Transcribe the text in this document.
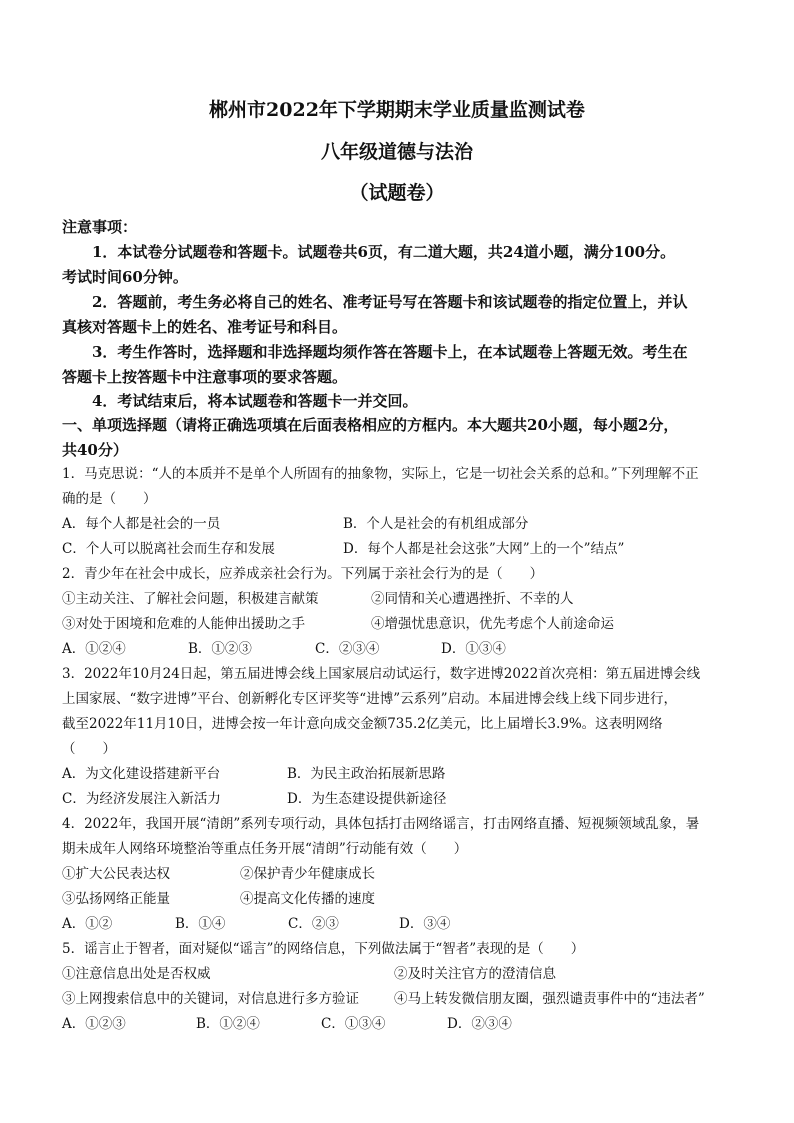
郴州市2022年下学期期末学业质量监测试卷
八年级道德与法治
（试题卷）
注意事项：
1．本试卷分试题卷和答题卡。试题卷共6页，有二道大题，共24道小题，满分100分。
考试时间60分钟。
2．答题前，考生务必将自己的姓名、准考证号写在答题卡和该试题卷的指定位置上，并认
真核对答题卡上的姓名、准考证号和科目。
3．考生作答时，选择题和非选择题均须作答在答题卡上，在本试题卷上答题无效。考生在
答题卡上按答题卡中注意事项的要求答题。
4．考试结束后，将本试题卷和答题卡一并交回。
一、单项选择题（请将正确选项填在后面表格相应的方框内。本大题共20小题，每小题2分，
共40分）
1．马克思说：“人的本质并不是单个人所固有的抽象物，实际上，它是一切社会关系的总和。”下列理解不正
确的是（　　）
A．每个人都是社会的一员	B．个人是社会的有机组成部分
C．个人可以脱离社会而生存和发展	D．每个人都是社会这张”大网”上的一个”结点”
2．青少年在社会中成长，应养成亲社会行为。下列属于亲社会行为的是（　　）
①主动关注、了解社会问题，积极建言献策	②同情和关心遭遇挫折、不幸的人
③对处于困境和危难的人能伸出援助之手	④增强忧患意识，优先考虑个人前途命运
A．①②④	B．①②③	C．②③④	D．①③④
3．2022年10月24日起，第五届进博会线上国家展启动试运行，数字进博2022首次亮相：第五届进博会线
上国家展、“数字进博”平台、创新孵化专区评奖等“进博”云系列”启动。本届进博会线上线下同步进行，
截至2022年11月10日，进博会按一年计意向成交金额735.2亿美元，比上届增长3.9%。这表明网络
（　　）
A．为文化建设搭建新平台	B．为民主政治拓展新思路
C．为经济发展注入新活力	D．为生态建设提供新途径
4．2022年，我国开展“清朗”系列专项行动，具体包括打击网络谣言，打击网络直播、短视频领域乱象，暑
期未成年人网络环境整治等重点任务开展“清朗”行动能有效（　　）
①扩大公民表达权	②保护青少年健康成长
③弘扬网络正能量	④提高文化传播的速度
A．①②	B．①④	C．②③	D．③④
5．谣言止于智者，面对疑似“谣言”的网络信息，下列做法属于“智者”表现的是（　　）
①注意信息出处是否权威	②及时关注官方的澄清信息
③上网搜索信息中的关键词，对信息进行多方验证	④马上转发微信朋友圈，强烈谴责事件中的“违法者”
A．①②③	B．①②④	C．①③④	D．②③④
